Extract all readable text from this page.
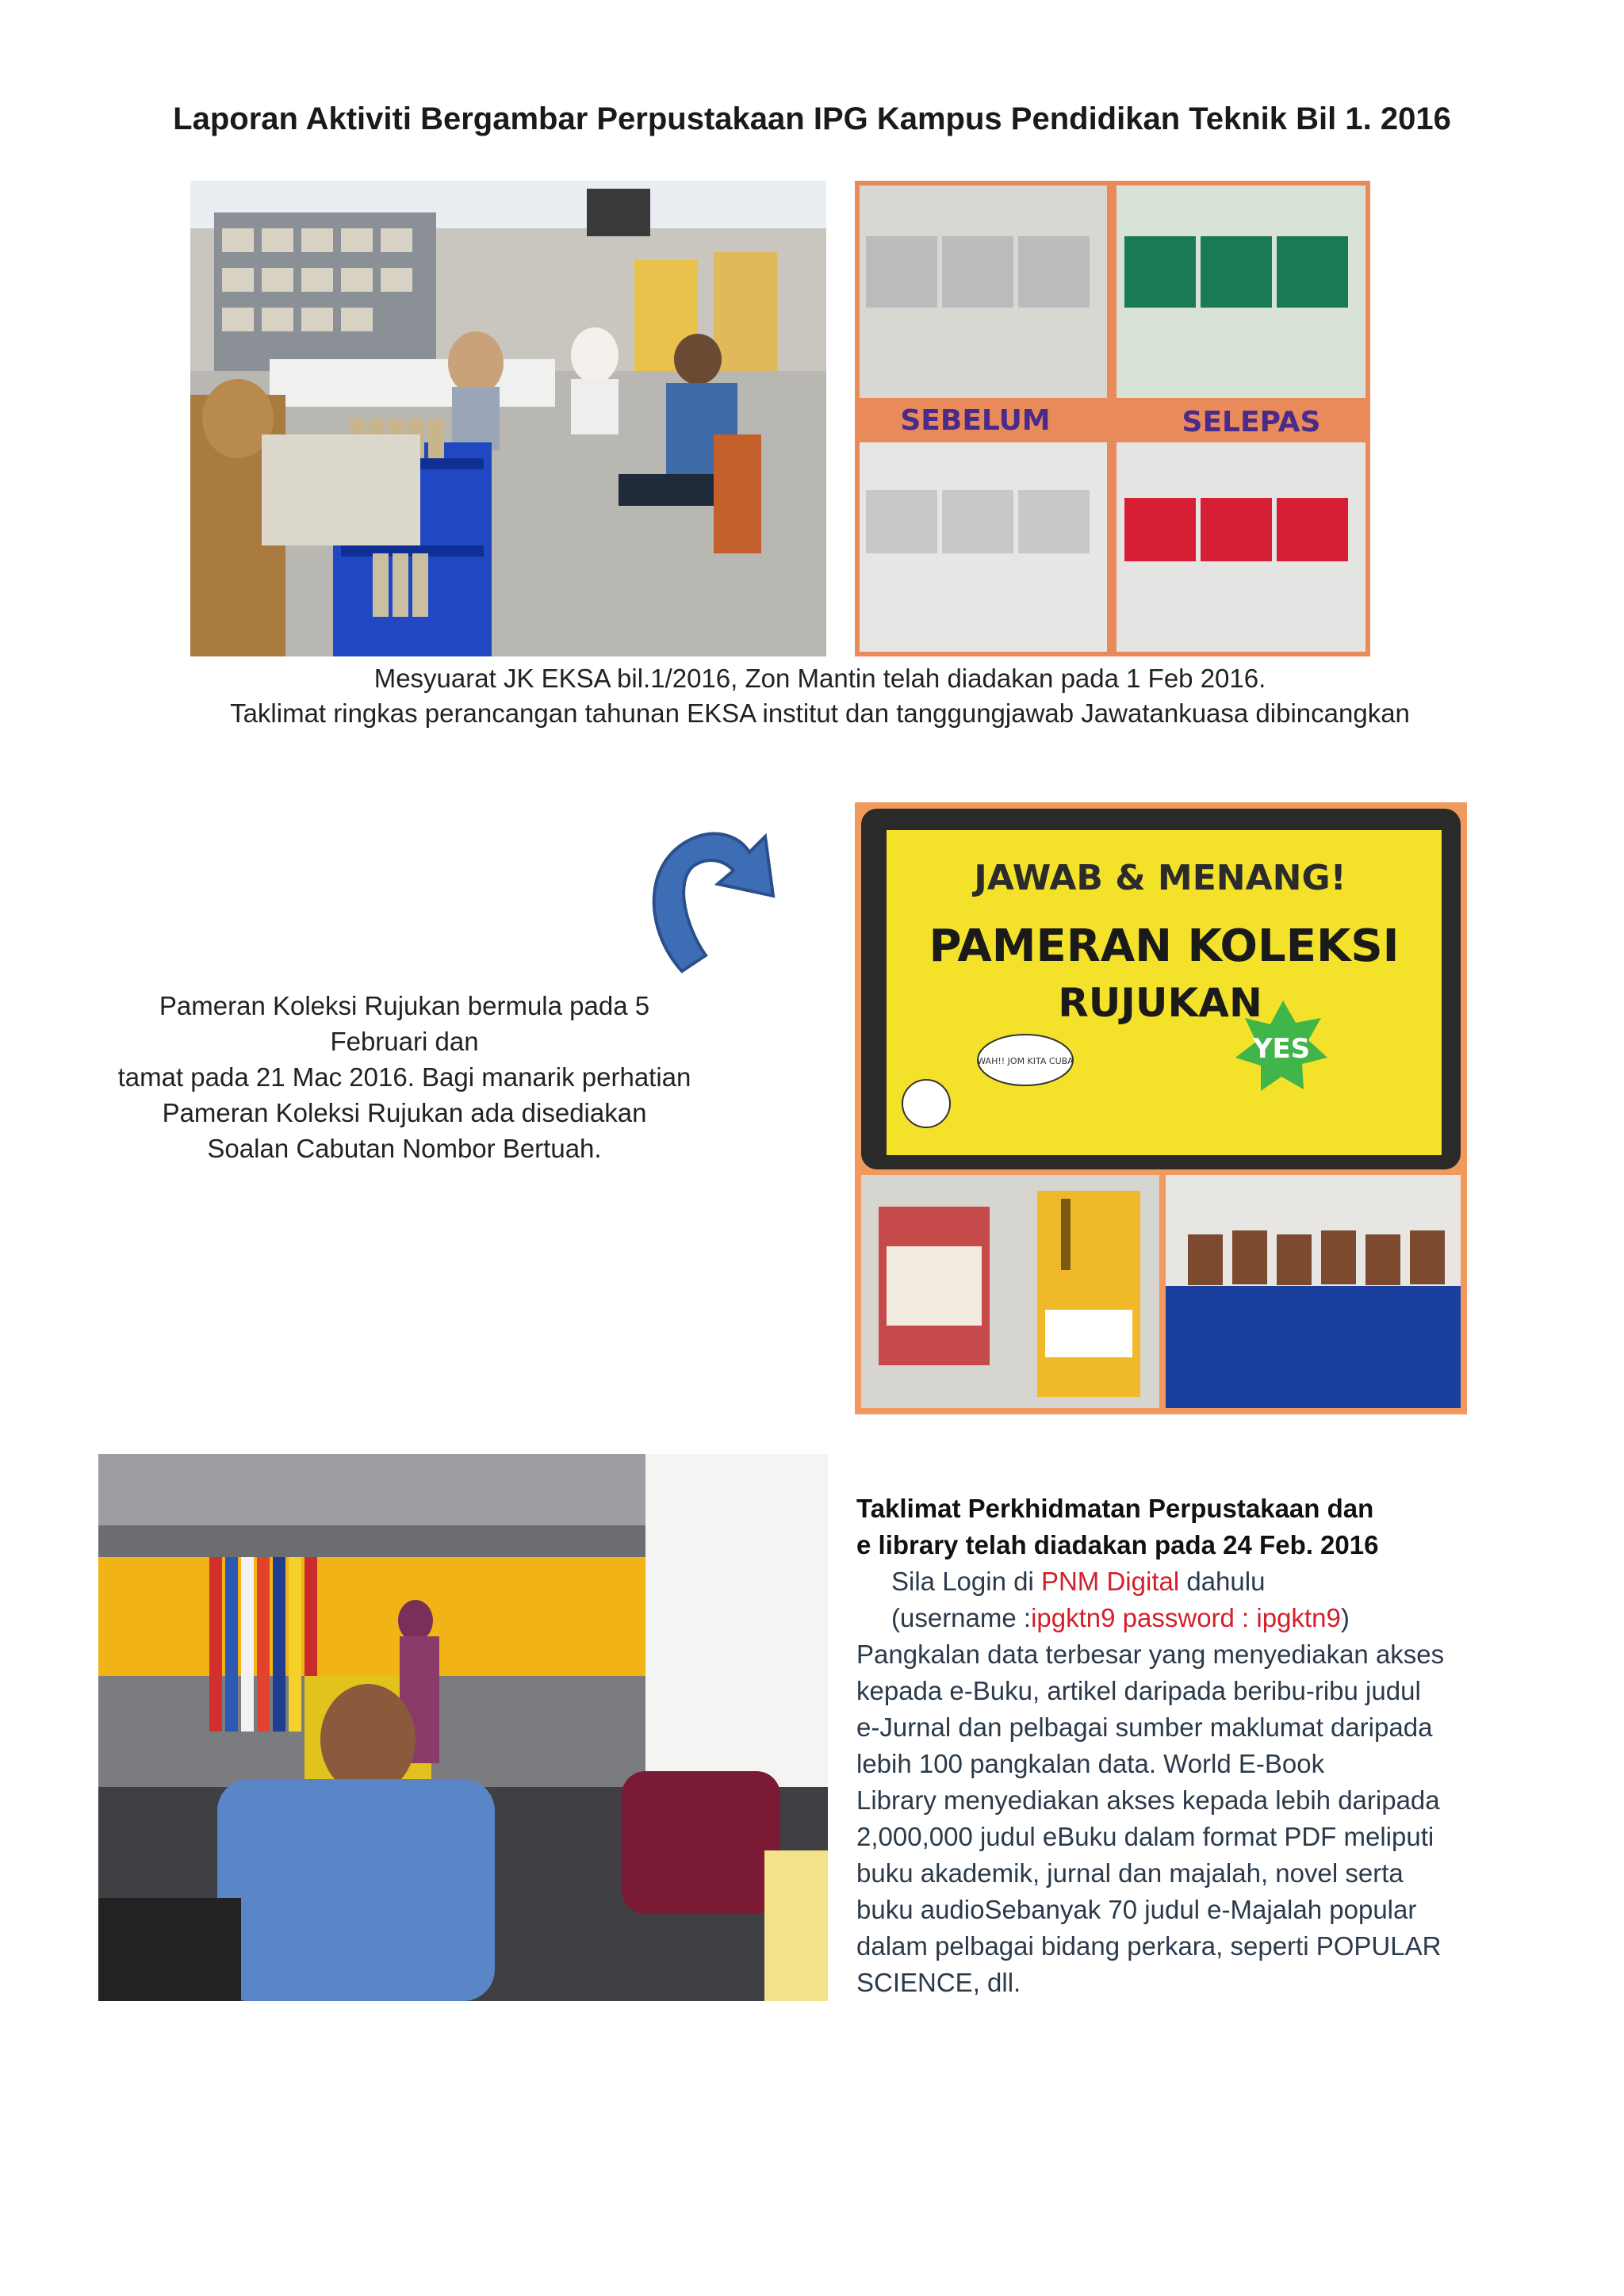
Laporan Aktiviti Bergambar Perpustakaan IPG Kampus Pendidikan Teknik Bil 1. 2016
SEBELUM	SELEPAS
Mesyuarat JK EKSA bil.1/2016, Zon Mantin telah diadakan pada 1 Feb 2016.
Taklimat ringkas perancangan tahunan EKSA institut dan tanggungjawab Jawatankuasa dibincangkan
Pameran Koleksi Rujukan bermula pada 5 Februari dan
tamat pada 21 Mac 2016. Bagi manarik perhatian
Pameran Koleksi Rujukan ada disediakan
Soalan Cabutan Nombor Bertuah.
JAWAB & MENANG!
PAMERAN KOLEKSI
RUJUKAN
WAH!! JOM KITA CUBA	YES
Taklimat Perkhidmatan Perpustakaan dan
e library telah diadakan pada 24 Feb. 2016
Sila Login di PNM Digital dahulu
(username :ipgktn9 password : ipgktn9)
Pangkalan data terbesar yang menyediakan akses
kepada e-Buku, artikel daripada beribu-ribu judul
e-Jurnal dan pelbagai sumber maklumat daripada
lebih 100 pangkalan data. World E-Book
Library menyediakan akses kepada lebih daripada
2,000,000 judul eBuku dalam format PDF meliputi
buku akademik, jurnal dan majalah, novel serta
buku audioSebanyak 70 judul e-Majalah popular
dalam pelbagai bidang perkara, seperti POPULAR
SCIENCE, dll.
